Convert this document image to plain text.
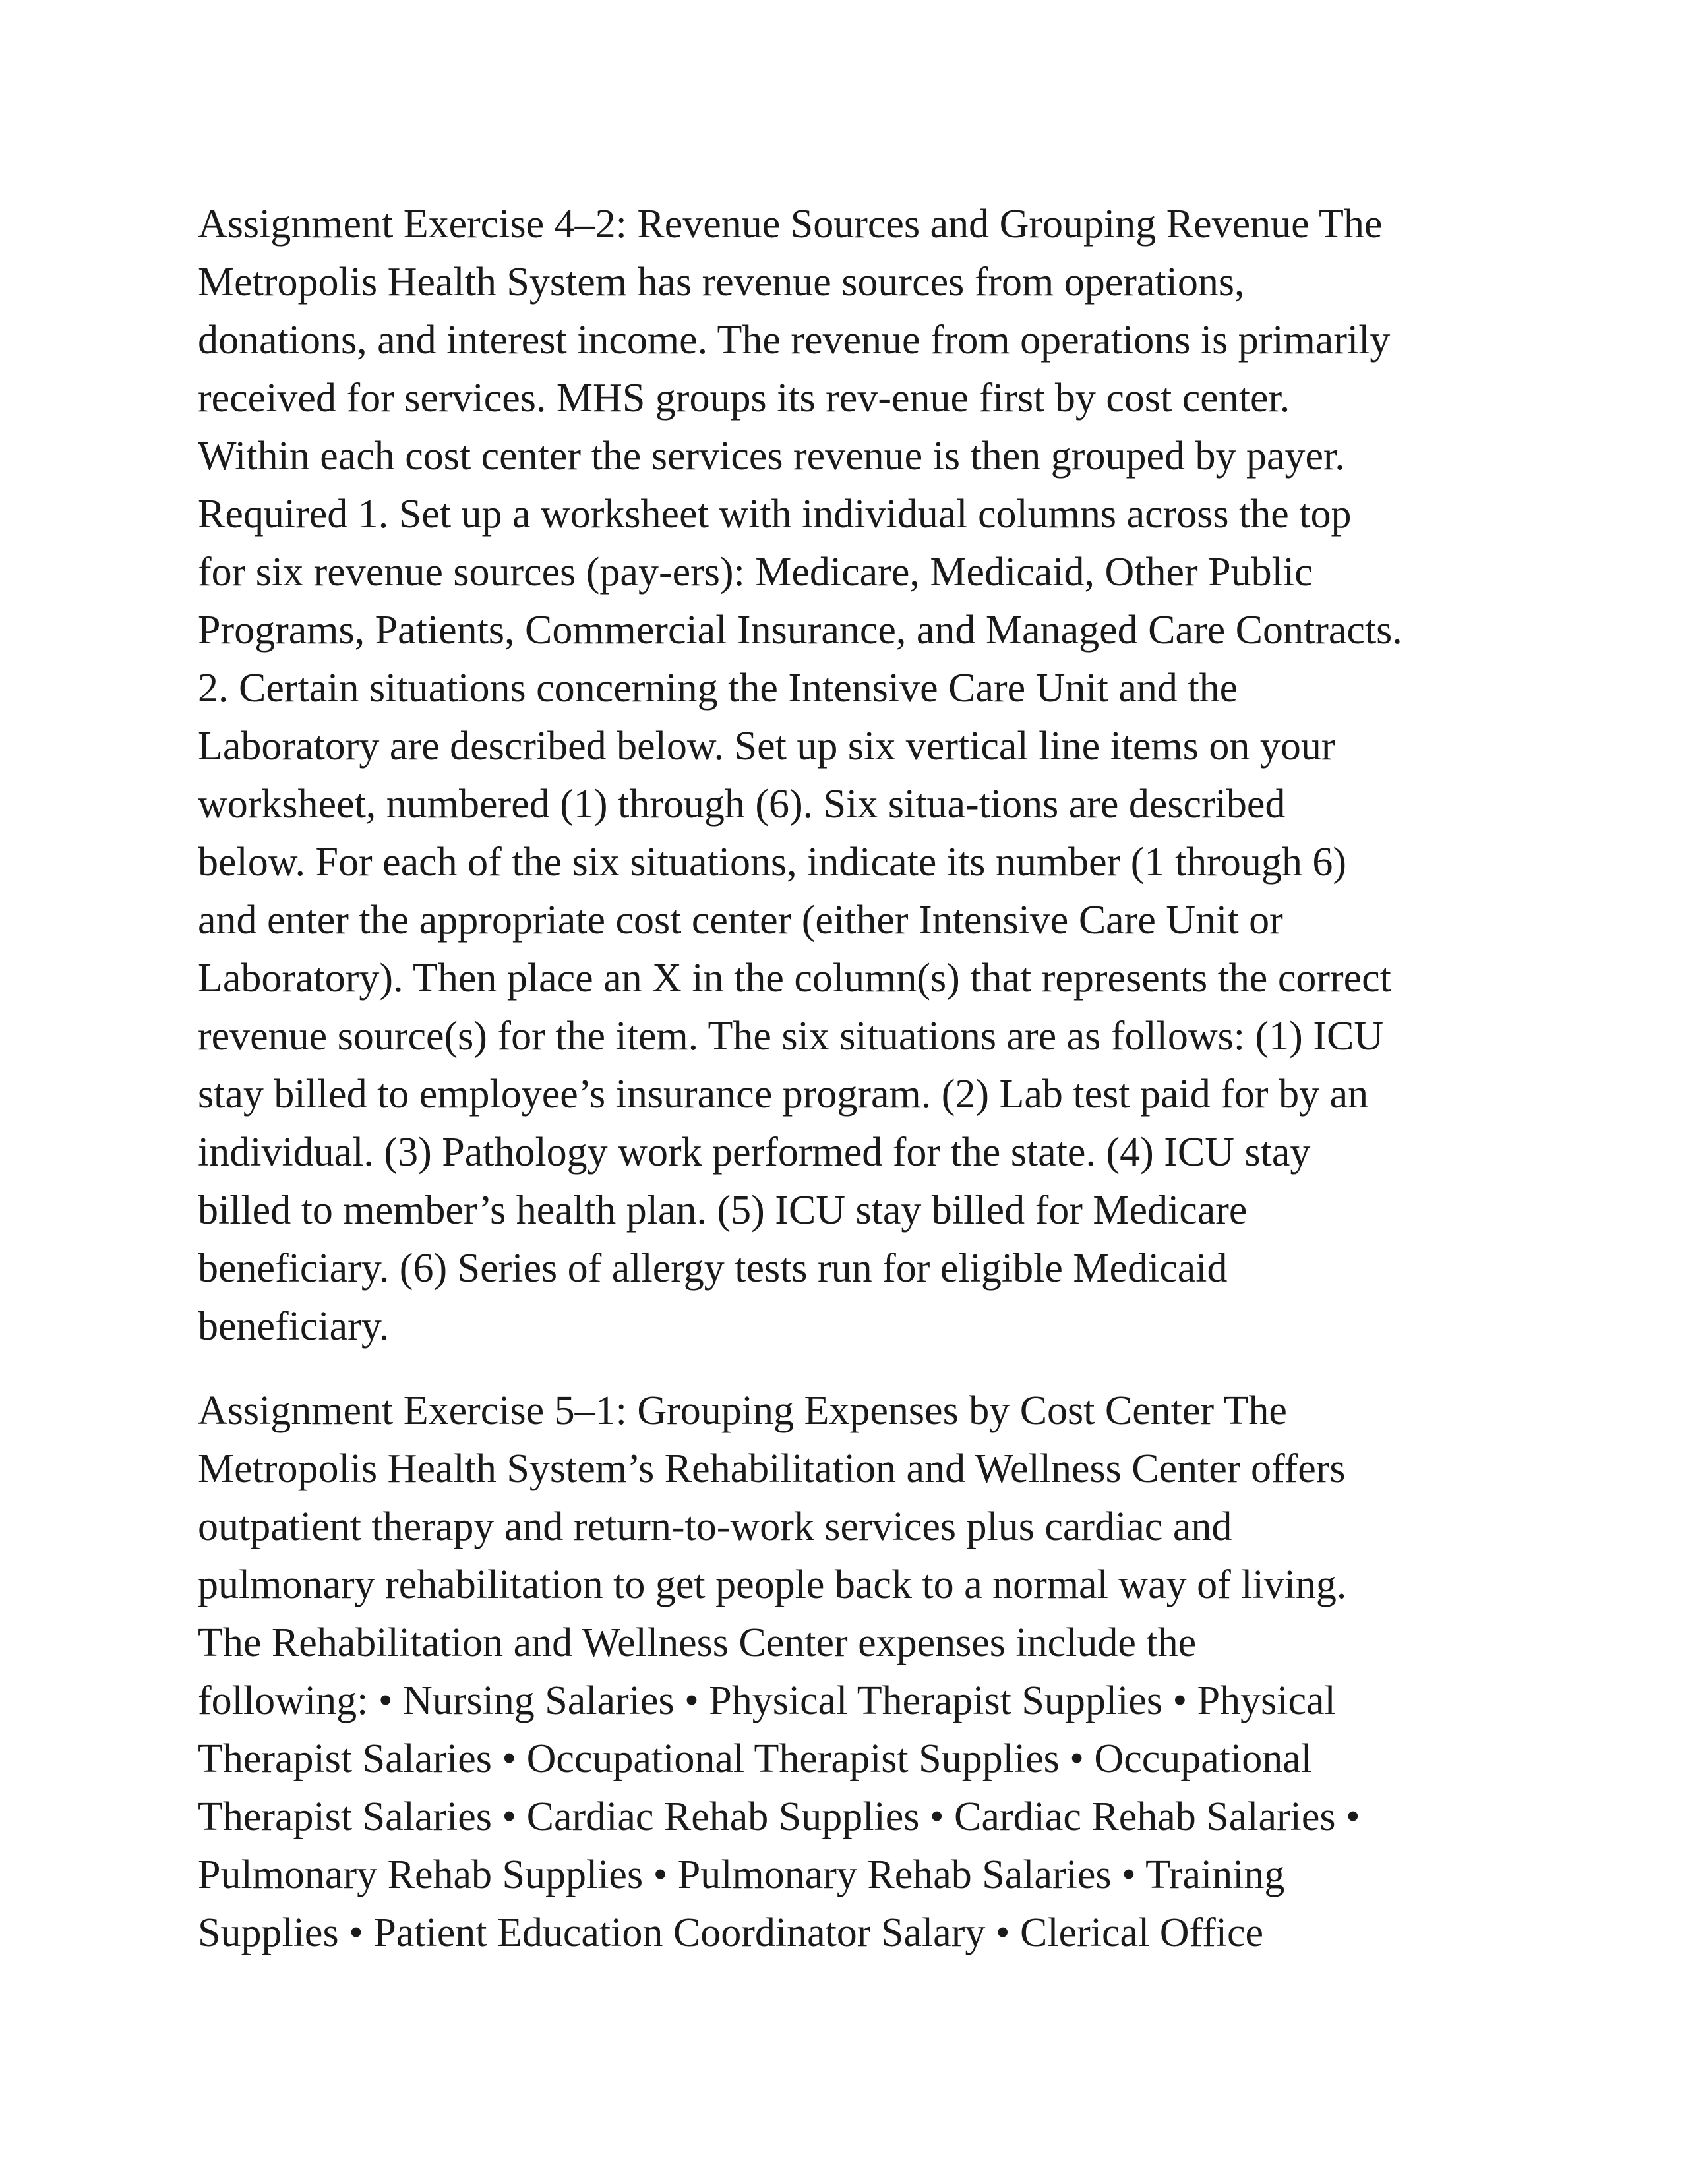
Assignment Exercise 4–2: Revenue Sources and Grouping Revenue The
Metropolis Health System has revenue sources from operations,
donations, and interest income. The revenue from operations is primarily
received for services. MHS groups its rev-enue first by cost center.
Within each cost center the services revenue is then grouped by payer.
Required 1. Set up a worksheet with individual columns across the top
for six revenue sources (pay-ers): Medicare, Medicaid, Other Public
Programs, Patients, Commercial Insurance, and Managed Care Contracts.
2. Certain situations concerning the Intensive Care Unit and the
Laboratory are described below. Set up six vertical line items on your
worksheet, numbered (1) through (6). Six situa-tions are described
below. For each of the six situations, indicate its number (1 through 6)
and enter the appropriate cost center (either Intensive Care Unit or
Laboratory). Then place an X in the column(s) that represents the correct
revenue source(s) for the item. The six situations are as follows: (1) ICU
stay billed to employee’s insurance program. (2) Lab test paid for by an
individual. (3) Pathology work performed for the state. (4) ICU stay
billed to member’s health plan. (5) ICU stay billed for Medicare
beneficiary. (6) Series of allergy tests run for eligible Medicaid
beneficiary.

Assignment Exercise 5–1: Grouping Expenses by Cost Center The
Metropolis Health System’s Rehabilitation and Wellness Center offers
outpatient therapy and return-to-work services plus cardiac and
pulmonary rehabilitation to get people back to a normal way of living.
The Rehabilitation and Wellness Center expenses include the
following: • Nursing Salaries • Physical Therapist Supplies • Physical
Therapist Salaries • Occupational Therapist Supplies • Occupational
Therapist Salaries • Cardiac Rehab Supplies • Cardiac Rehab Salaries •
Pulmonary Rehab Supplies • Pulmonary Rehab Salaries • Training
Supplies • Patient Education Coordinator Salary • Clerical Office
